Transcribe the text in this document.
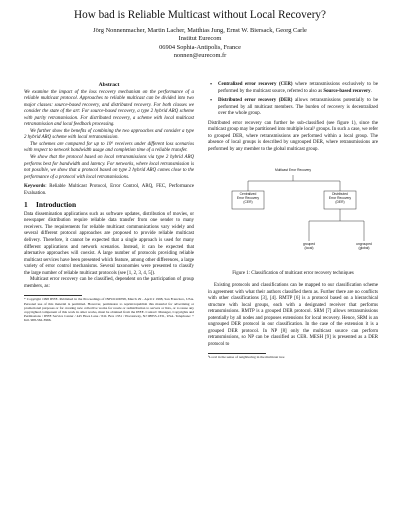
How bad is Reliable Multicast without Local Recovery?
Jörg Nonnenmacher, Martin Lacher, Matthias Jung, Ernst W. Biersack, Georg Carle
Institut Eurecom
06904 Sophia-Antipolis, France
nonnen@eurecom.fr
Abstract

We examine the impact of the loss recovery mechanism on the performance of a reliable multicast protocol. Approaches to reliable multicast can be divided into two major classes: source-based recovery, and distributed recovery. For both classes we consider the state of the art: For source-based recovery, a type 2 hybrid ARQ scheme with parity retransmission. For distributed recovery, a scheme with local multicast retransmission and local feedback processing.

We further show the benefits of combining the two approaches and consider a type 2 hybrid ARQ scheme with local retransmission.

The schemes are compared for up to 10⁶ receivers under different loss scenarios with respect to network bandwidth usage and completion time of a reliable transfer.

We show that the protocol based on local retransmissions via type 2 hybrid ARQ performs best for bandwidth and latency. For networks, where local retransmission is not possible, we show that a protocol based on type 2 hybrid ARQ comes close to the performance of a protocol with local retransmissions.

Keywords: Reliable Multicast Protocol, Error Control, ARQ, FEC, Performance Evaluation.
1 Introduction

Data dissemination applications such as software updates, distribution of movies, or newspaper distribution require reliable data transfer from one sender to many receivers. The requirements for reliable multicast communications vary widely and several different protocol approaches are proposed to provide reliable multicast delivery. Therefore, it cannot be expected that a single approach is used for many different applications and network scenarios. Instead, it can be expected that alternative approaches will coexist. A large number of protocols providing reliable multicast services have been presented which feature, among other differences, a large variety of error control mechanisms. Several taxonomies were presented to classify the large number of reliable multicast protocols (see [1, 2, 3, 4, 5]).

Multicast error recovery can be classified, dependent on the participation of group members, as:

* Copyright 1998 IEEE. Published in the Proceedings of INFOCOM'98, March 29 - April 2 1998, San Francisco, USA. Personal use of this material is permitted. However, permission to reprint/republish this material for advertising or promotional purposes or for creating new collective works for resale or redistribution to servers or lists, or to reuse any copyrighted component of this work in other works, must be obtained from the IEEE. Contact: Manager, Copyrights and Permissions / IEEE Service Center / 445 Hoes Lane / P.O. Box 1331 / Piscataway, NJ 08855-1331, USA. Telephone: + Intl. 908-562-3966.

• Centralized error recovery (CER) where retransmissions exclusively to be performed by the multicast source, referred to also as Source-based recovery.
• Distributed error recovery (DER) allows retransmissions potentially to be performed by all multicast members. The burden of recovery is decentralized over the whole group.

Distributed error recovery can further be sub-classified (see figure 1), since the multicast group may be partitioned into multiple local¹ groups. In such a case, we refer to grouped DER, where retransmissions are performed within a local group. The absence of local groups is described by ungrouped DER, where retransmissions are performed by any member to the global multicast group.

Multicast Error Recovery
Centralized
Error Recovery
(CER)
Distributed
Error Recovery
(DER)
grouped
(local)
ungrouped
(global)
Figure 1: Classification of multicast error recovery techniques

Existing protocols and classifications can be mapped to our classification scheme in agreement with what their authors classified them as. Further there are no conflicts with other classifications [3], [4]. RMTP [6] is a protocol based on a hierarchical structure with local groups, each with a designated receiver that performs retransmissions. RMTP is a grouped DER protocol. SRM [7] allows retransmissions potentially by all nodes and proposes extensions for local recovery. Hence, SRM is an ungrouped DER protocol in our classification. In the case of the extension it is a grouped DER protocol. In NP [8] only the multicast source can perform retransmissions, so NP can be classified as CER. MESH [9] is presented as a DER protocol to

¹Local in the sense of neighboring in the multicast tree
